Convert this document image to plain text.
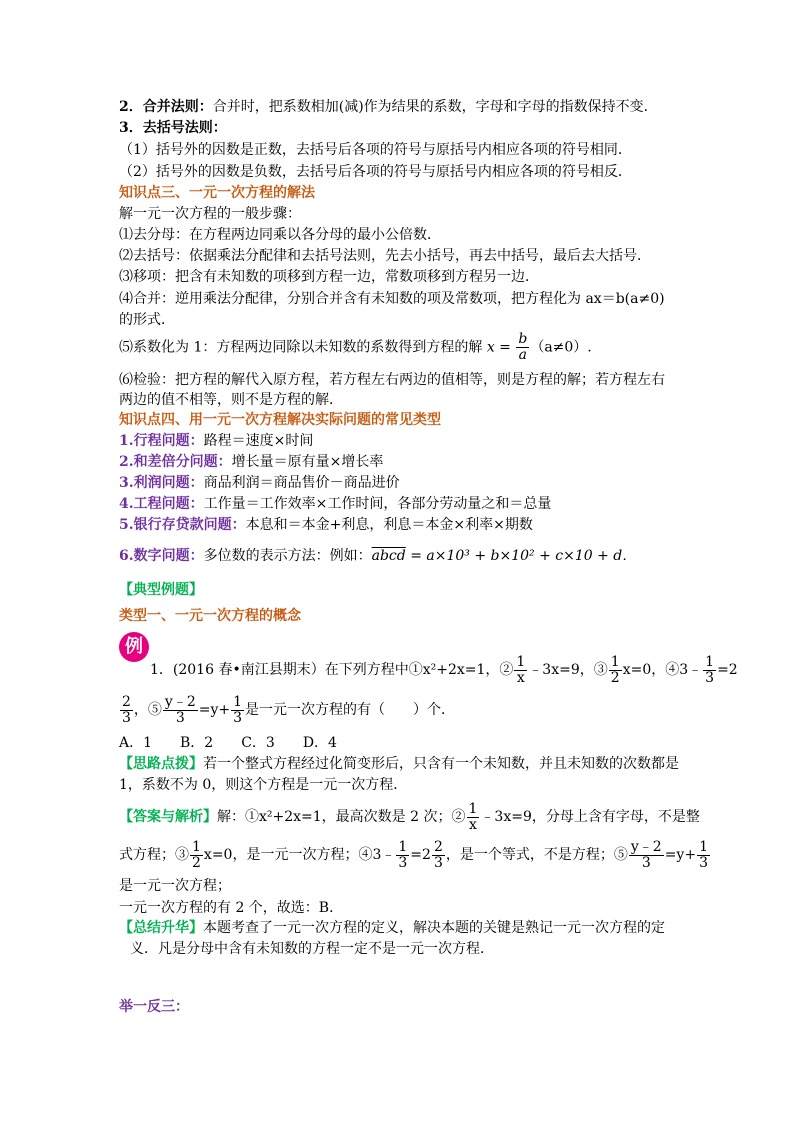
2．合并法则：合并时，把系数相加(减)作为结果的系数，字母和字母的指数保持不变．
3．去括号法则：
（1）括号外的因数是正数，去括号后各项的符号与原括号内相应各项的符号相同．
（2）括号外的因数是负数，去括号后各项的符号与原括号内相应各项的符号相反．
知识点三、一元一次方程的解法
解一元一次方程的一般步骤：
⑴去分母：在方程两边同乘以各分母的最小公倍数．
⑵去括号：依据乘法分配律和去括号法则，先去小括号，再去中括号，最后去大括号．
⑶移项：把含有未知数的项移到方程一边，常数项移到方程另一边．
⑷合并：逆用乘法分配律，分别合并含有未知数的项及常数项，把方程化为 ax＝b(a≠0)
的形式．
⑸系数化为 1：方程两边同除以未知数的系数得到方程的解 $x = \frac{b}{a} (a\ne 0)$.
⑹检验：把方程的解代入原方程，若方程左右两边的值相等，则是方程的解；若方程左右
两边的值不相等，则不是方程的解．
知识点四、用一元一次方程解决实际问题的常见类型
1.行程问题：路程＝速度×时间
2.和差倍分问题：增长量＝原有量×增长率
3.利润问题：商品利润＝商品售价－商品进价
4.工程问题：工作量＝工作效率×工作时间，各部分劳动量之和＝总量
5.银行存贷款问题：本息和＝本金+利息，利息＝本金×利率×期数
6.数字问题：多位数的表示方法：例如：abcd = a×10³ + b×10² + c×10 + d．
【典型例题】
类型一、一元一次方程的概念
例
1．(2016 春•南江县期末）在下列方程中①x²+2x=1，② $\frac{1}{x}$ ﹣3x=9，③ $\frac{1}{2} x=0$，④3﹣ $\frac{1}{3} =2$
$\frac{2}{3}$ ，⑤ $\frac{y﹣2}{3} =y+ \frac{1}{3}$ 是一元一次方程的有（　　）个．
A．1　　B．2　　C．3　　D．4
【思路点拨】若一个整式方程经过化简变形后，只含有一个未知数，并且未知数的次数都是
1，系数不为 0，则这个方程是一元一次方程．
【答案与解析】解：①x²+2x=1，最高次数是 2 次；② $\frac{1}{x}$ ﹣3x=9，分母上含有字母，不是整
式方程；③ $\frac{1}{2} x=0$，是一元一次方程；④3﹣ $\frac{1}{3} =2 \frac{2}{3}$ ，是一个等式，不是方程；⑤ $\frac{y﹣2}{3} =y+ \frac{1}{3}$
是一元一次方程；
一元一次方程的有 2 个，故选：B．
【总结升华】本题考查了一元一次方程的定义，解决本题的关键是熟记一元一次方程的定
义．凡是分母中含有未知数的方程一定不是一元一次方程．
举一反三：
